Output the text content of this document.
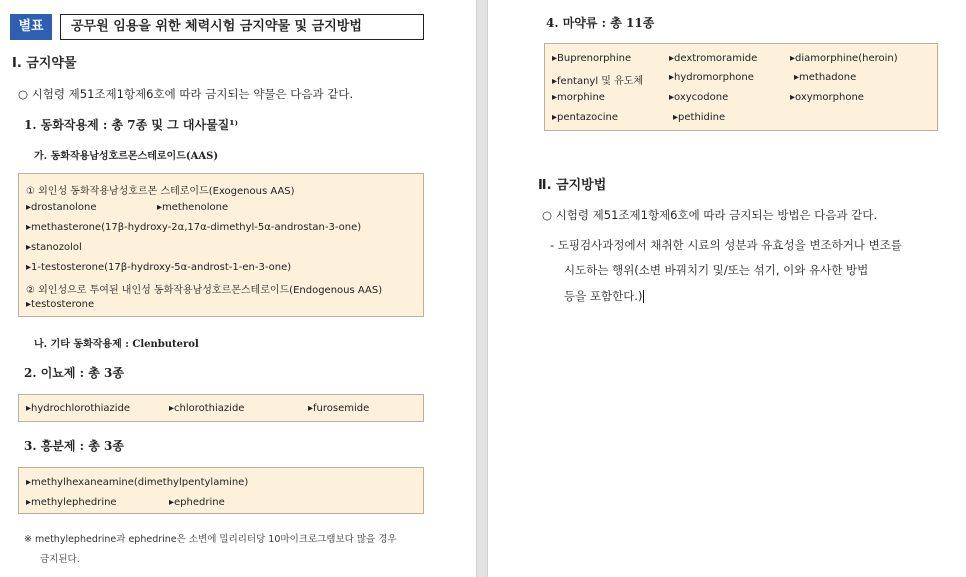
별표	공무원 임용을 위한 체력시험 금지약물 및 금지방법
Ⅰ. 금지약물
○ 시험령 제51조제1항제6호에 따라 금지되는 약물은 다음과 같다.
1. 동화작용제 : 총 7종 및 그 대사물질¹⁾
가. 동화작용남성호르몬스테로이드(AAS)
① 외인성 동화작용남성호르몬 스테로이드(Exogenous AAS)
▸drostanolone	▸methenolone
▸methasterone(17β-hydroxy-2α,17α-dimethyl-5α-androstan-3-one)
▸stanozolol
▸1-testosterone(17β-hydroxy-5α-androst-1-en-3-one)
② 외인성으로 투여된 내인성 동화작용남성호르몬스테로이드(Endogenous AAS)
▸testosterone
나. 기타 동화작용제 : Clenbuterol
2. 이뇨제 : 총 3종
▸hydrochlorothiazide	▸chlorothiazide	▸furosemide
3. 흥분제 : 총 3종
▸methylhexaneamine(dimethylpentylamine)
▸methylephedrine	▸ephedrine
※ methylephedrine과 ephedrine은 소변에 밀리리터당 10마이크로그램보다 많을 경우
금지된다.
4. 마약류 : 총 11종
▸Buprenorphine	▸dextromoramide	▸diamorphine(heroin)
▸fentanyl 및 유도체	▸hydromorphone	▸methadone
▸morphine	▸oxycodone	▸oxymorphone
▸pentazocine	▸pethidine
Ⅱ. 금지방법
○ 시험령 제51조제1항제6호에 따라 금지되는 방법은 다음과 같다.
- 도핑검사과정에서 채취한 시료의 성분과 유효성을 변조하거나 변조를
시도하는 행위(소변 바꿔치기 및/또는 섞기, 이와 유사한 방법
등을 포함한다.)
